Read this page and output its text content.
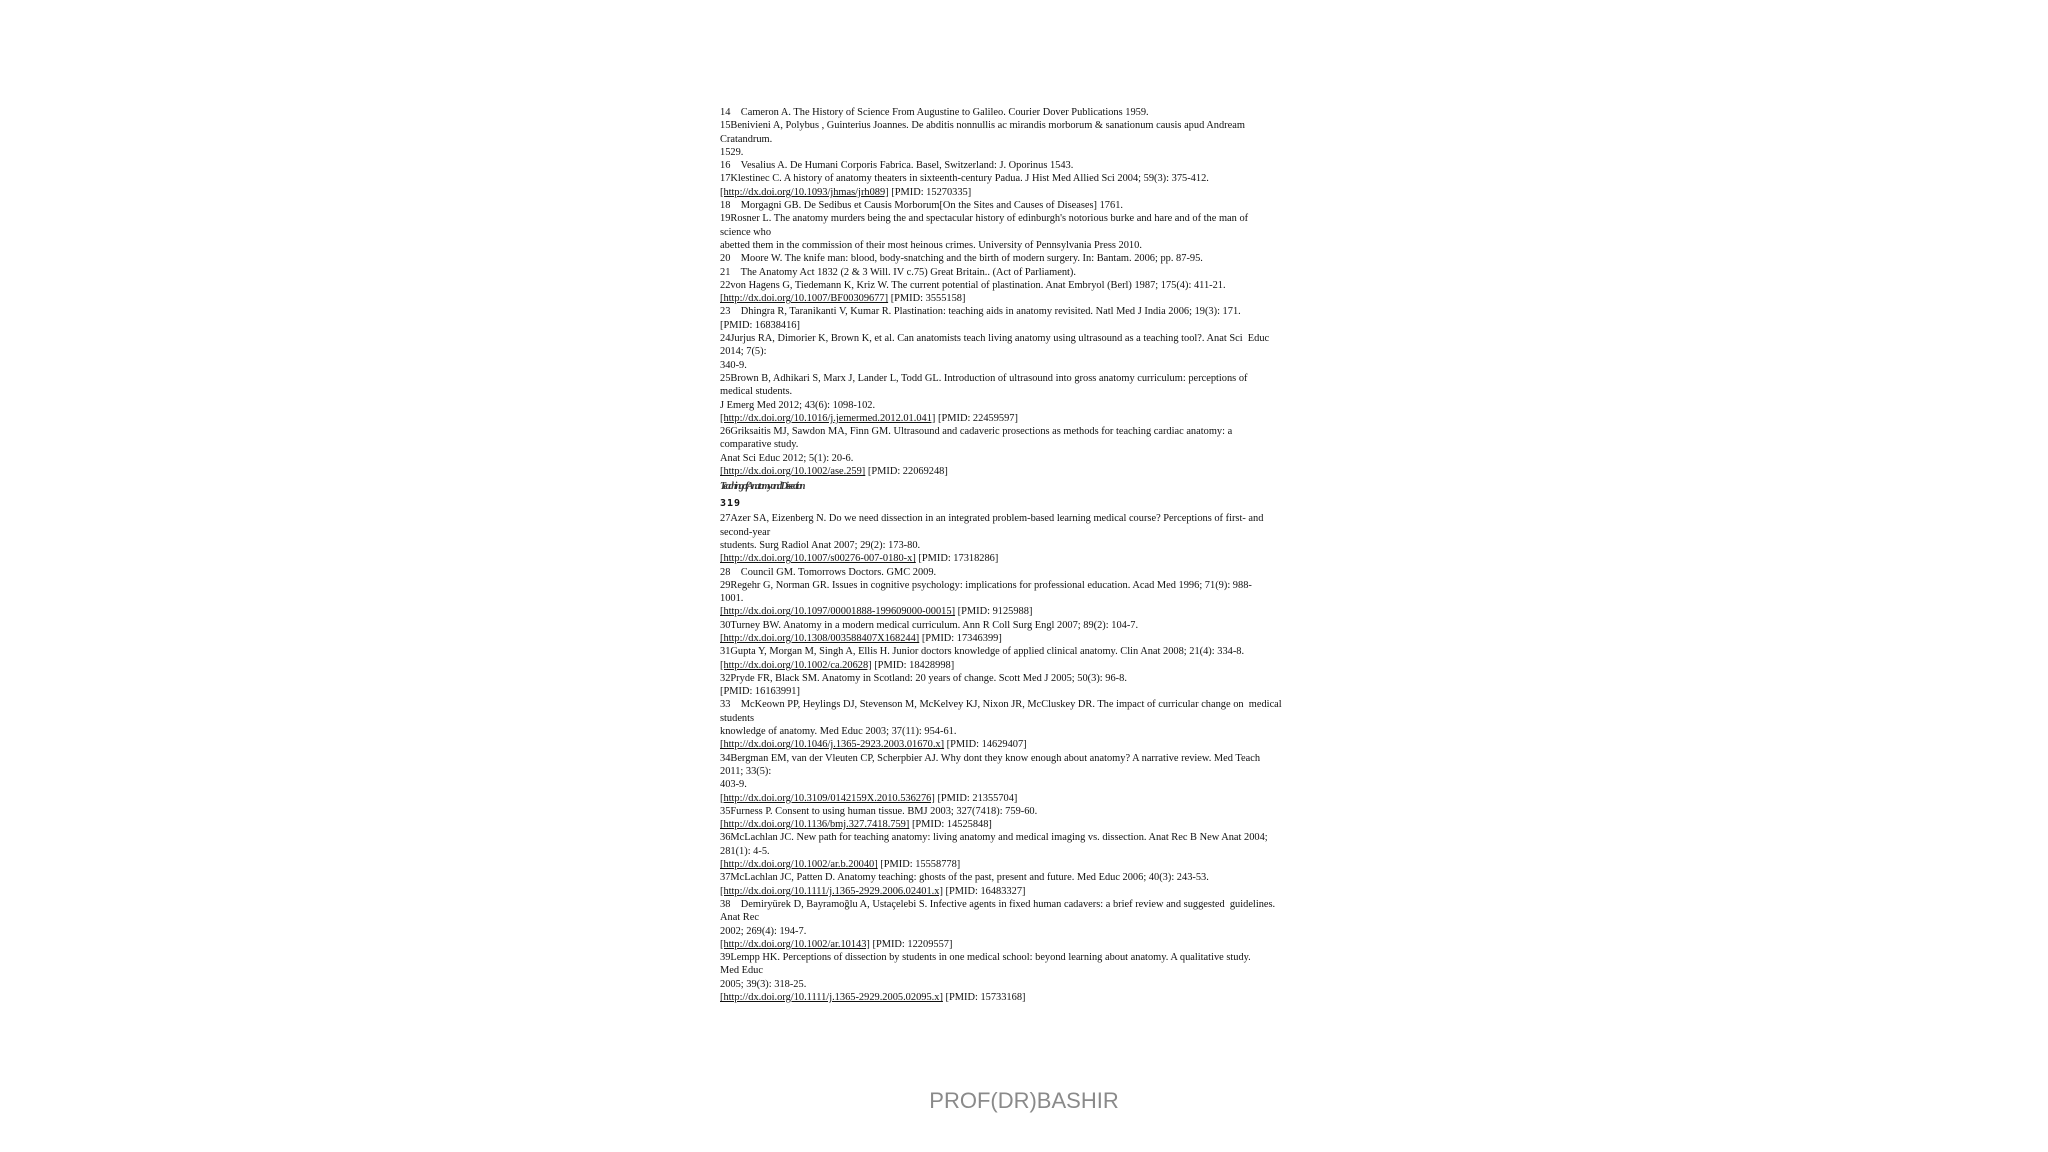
14    Cameron A. The History of Science From Augustine to Galileo. Courier Dover Publications 1959.
15Benivieni A, Polybus , Guinterius Joannes. De abditis nonnullis ac mirandis morborum & sanationum causis apud Andream
Cratandrum.
1529.
16    Vesalius A. De Humani Corporis Fabrica. Basel, Switzerland: J. Oporinus 1543.
17Klestinec C. A history of anatomy theaters in sixteenth-century Padua. J Hist Med Allied Sci 2004; 59(3): 375-412.
[http://dx.doi.org/10.1093/jhmas/jrh089] [PMID: 15270335]
18    Morgagni GB. De Sedibus et Causis Morborum[On the Sites and Causes of Diseases] 1761.
19Rosner L. The anatomy murders being the and spectacular history of edinburgh's notorious burke and hare and of the man of
science who
abetted them in the commission of their most heinous crimes. University of Pennsylvania Press 2010.
20    Moore W. The knife man: blood, body-snatching and the birth of modern surgery. In: Bantam. 2006; pp. 87-95.
21    The Anatomy Act 1832 (2 & 3 Will. IV c.75) Great Britain.. (Act of Parliament).
22von Hagens G, Tiedemann K, Kriz W. The current potential of plastination. Anat Embryol (Berl) 1987; 175(4): 411-21.
[http://dx.doi.org/10.1007/BF00309677] [PMID: 3555158]
23    Dhingra R, Taranikanti V, Kumar R. Plastination: teaching aids in anatomy revisited. Natl Med J India 2006; 19(3): 171.
[PMID: 16838416]
24Jurjus RA, Dimorier K, Brown K, et al. Can anatomists teach living anatomy using ultrasound as a teaching tool?. Anat Sci  Educ
2014; 7(5):
340-9.
25Brown B, Adhikari S, Marx J, Lander L, Todd GL. Introduction of ultrasound into gross anatomy curriculum: perceptions of
medical students.
J Emerg Med 2012; 43(6): 1098-102.
[http://dx.doi.org/10.1016/j.jemermed.2012.01.041] [PMID: 22459597]
26Griksaitis MJ, Sawdon MA, Finn GM. Ultrasound and cadaveric prosections as methods for teaching cardiac anatomy: a
comparative study.
Anat Sci Educ 2012; 5(1): 20-6.
[http://dx.doi.org/10.1002/ase.259] [PMID: 22069248]
Teaching of Anatomy and Dissection
319
27Azer SA, Eizenberg N. Do we need dissection in an integrated problem-based learning medical course? Perceptions of first- and
second-year
students. Surg Radiol Anat 2007; 29(2): 173-80.
[http://dx.doi.org/10.1007/s00276-007-0180-x] [PMID: 17318286]
28    Council GM. Tomorrows Doctors. GMC 2009.
29Regehr G, Norman GR. Issues in cognitive psychology: implications for professional education. Acad Med 1996; 71(9): 988-
1001.
[http://dx.doi.org/10.1097/00001888-199609000-00015] [PMID: 9125988]
30Turney BW. Anatomy in a modern medical curriculum. Ann R Coll Surg Engl 2007; 89(2): 104-7.
[http://dx.doi.org/10.1308/003588407X168244] [PMID: 17346399]
31Gupta Y, Morgan M, Singh A, Ellis H. Junior doctors knowledge of applied clinical anatomy. Clin Anat 2008; 21(4): 334-8.
[http://dx.doi.org/10.1002/ca.20628] [PMID: 18428998]
32Pryde FR, Black SM. Anatomy in Scotland: 20 years of change. Scott Med J 2005; 50(3): 96-8.
[PMID: 16163991]
33    McKeown PP, Heylings DJ, Stevenson M, McKelvey KJ, Nixon JR, McCluskey DR. The impact of curricular change on  medical
students
knowledge of anatomy. Med Educ 2003; 37(11): 954-61.
[http://dx.doi.org/10.1046/j.1365-2923.2003.01670.x] [PMID: 14629407]
34Bergman EM, van der Vleuten CP, Scherpbier AJ. Why dont they know enough about anatomy? A narrative review. Med Teach
2011; 33(5):
403-9.
[http://dx.doi.org/10.3109/0142159X.2010.536276] [PMID: 21355704]
35Furness P. Consent to using human tissue. BMJ 2003; 327(7418): 759-60.
[http://dx.doi.org/10.1136/bmj.327.7418.759] [PMID: 14525848]
36McLachlan JC. New path for teaching anatomy: living anatomy and medical imaging vs. dissection. Anat Rec B New Anat 2004;
281(1): 4-5.
[http://dx.doi.org/10.1002/ar.b.20040] [PMID: 15558778]
37McLachlan JC, Patten D. Anatomy teaching: ghosts of the past, present and future. Med Educ 2006; 40(3): 243-53.
[http://dx.doi.org/10.1111/j.1365-2929.2006.02401.x] [PMID: 16483327]
38    Demiryürek D, Bayramoğlu A, Ustaçelebi S. Infective agents in fixed human cadavers: a brief review and suggested  guidelines.
Anat Rec
2002; 269(4): 194-7.
[http://dx.doi.org/10.1002/ar.10143] [PMID: 12209557]
39Lempp HK. Perceptions of dissection by students in one medical school: beyond learning about anatomy. A qualitative study.
Med Educ
2005; 39(3): 318-25.
[http://dx.doi.org/10.1111/j.1365-2929.2005.02095.x] [PMID: 15733168]
PROF(DR)BASHIR
